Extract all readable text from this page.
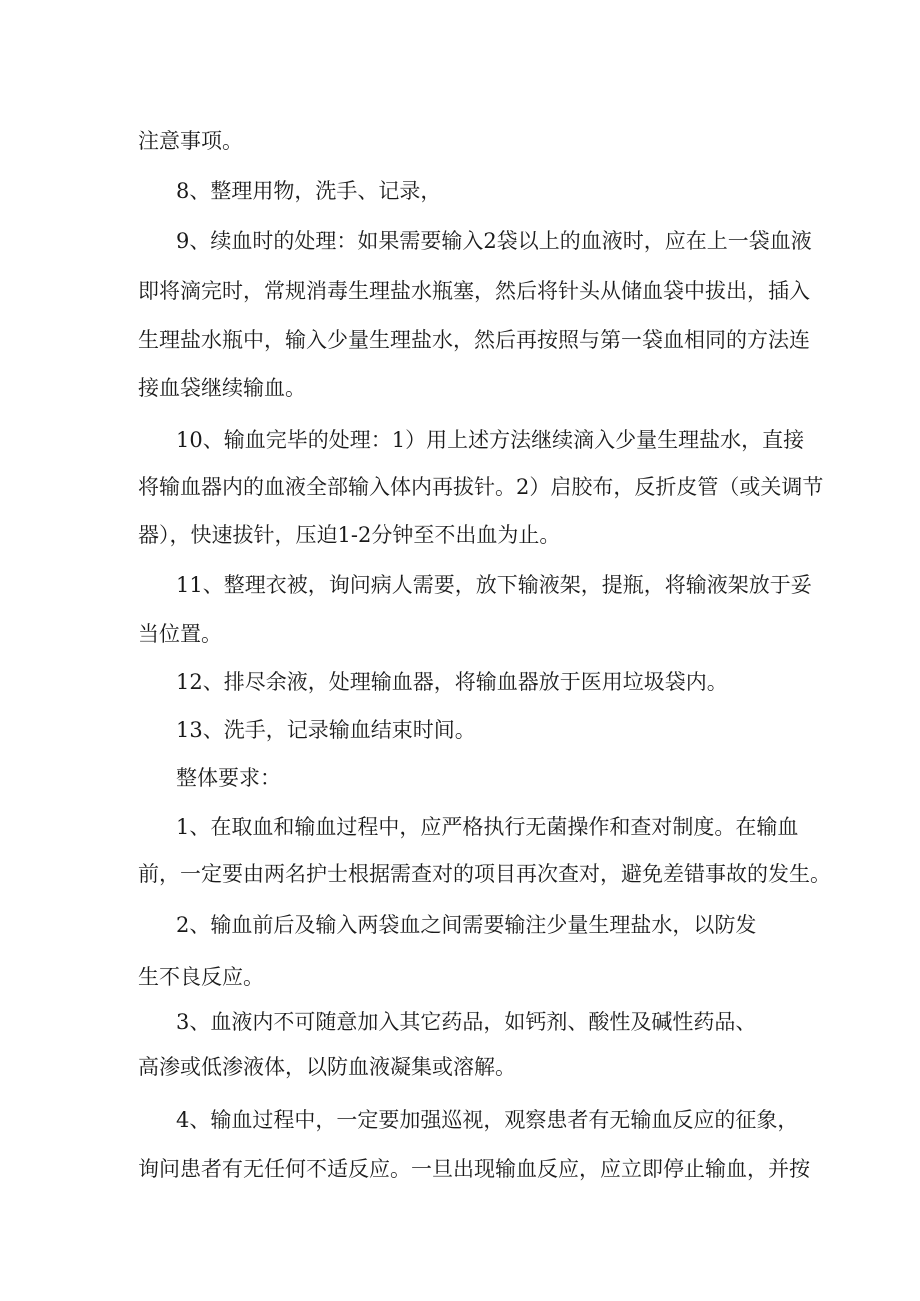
注意事项。
8、整理用物，洗手、记录，
9、续血时的处理：如果需要输入2袋以上的血液时，应在上一袋血液
即将滴完时，常规消毒生理盐水瓶塞，然后将针头从储血袋中拔出，插入
生理盐水瓶中，输入少量生理盐水，然后再按照与第一袋血相同的方法连
接血袋继续输血。
10、输血完毕的处理：1）用上述方法继续滴入少量生理盐水，直接
将输血器内的血液全部输入体内再拔针。2）启胶布，反折皮管（或关调节
器），快速拔针，压迫1-2分钟至不出血为止。
11、整理衣被，询问病人需要，放下输液架，提瓶，将输液架放于妥
当位置。
12、排尽余液，处理输血器，将输血器放于医用垃圾袋内。
13、洗手，记录输血结束时间。
整体要求：
1、在取血和输血过程中，应严格执行无菌操作和查对制度。在输血
前，一定要由两名护士根据需查对的项目再次查对，避免差错事故的发生。
2、输血前后及输入两袋血之间需要输注少量生理盐水，以防发
生不良反应。
3、血液内不可随意加入其它药品，如钙剂、酸性及碱性药品、
高渗或低渗液体，以防血液凝集或溶解。
4、输血过程中，一定要加强巡视，观察患者有无输血反应的征象，
询问患者有无任何不适反应。一旦出现输血反应，应立即停止输血，并按
